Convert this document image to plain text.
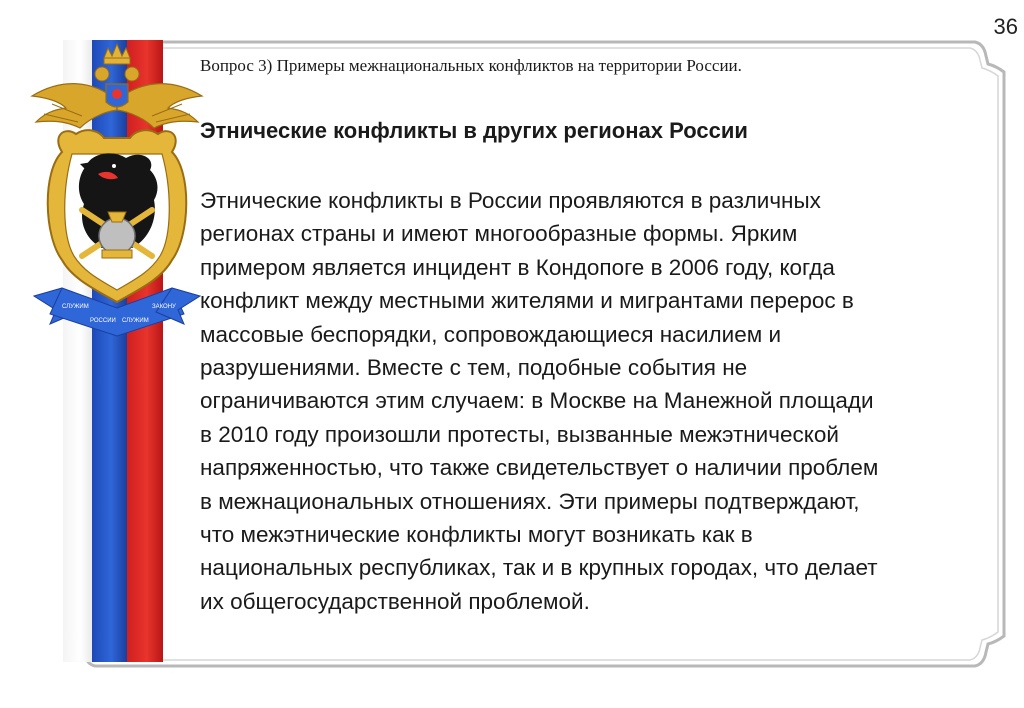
СЛУЖИМ
РОССИИ СЛУЖИМ
ЗАКОНУ
36
Вопрос 3) Примеры межнациональных конфликтов на территории России.
Этнические конфликты в других регионах России
Этнические конфликты в России проявляются в различных
регионах страны и имеют многообразные формы. Ярким
примером является инцидент в Кондопоге в 2006 году, когда
конфликт между местными жителями и мигрантами перерос в
массовые беспорядки, сопровождающиеся насилием и
разрушениями. Вместе с тем, подобные события не
ограничиваются этим случаем: в Москве на Манежной площади
в 2010 году произошли протесты, вызванные межэтнической
напряженностью, что также свидетельствует о наличии проблем
в межнациональных отношениях. Эти примеры подтверждают,
что межэтнические конфликты могут возникать как в
национальных республиках, так и в крупных городах, что делает
их общегосударственной проблемой.
